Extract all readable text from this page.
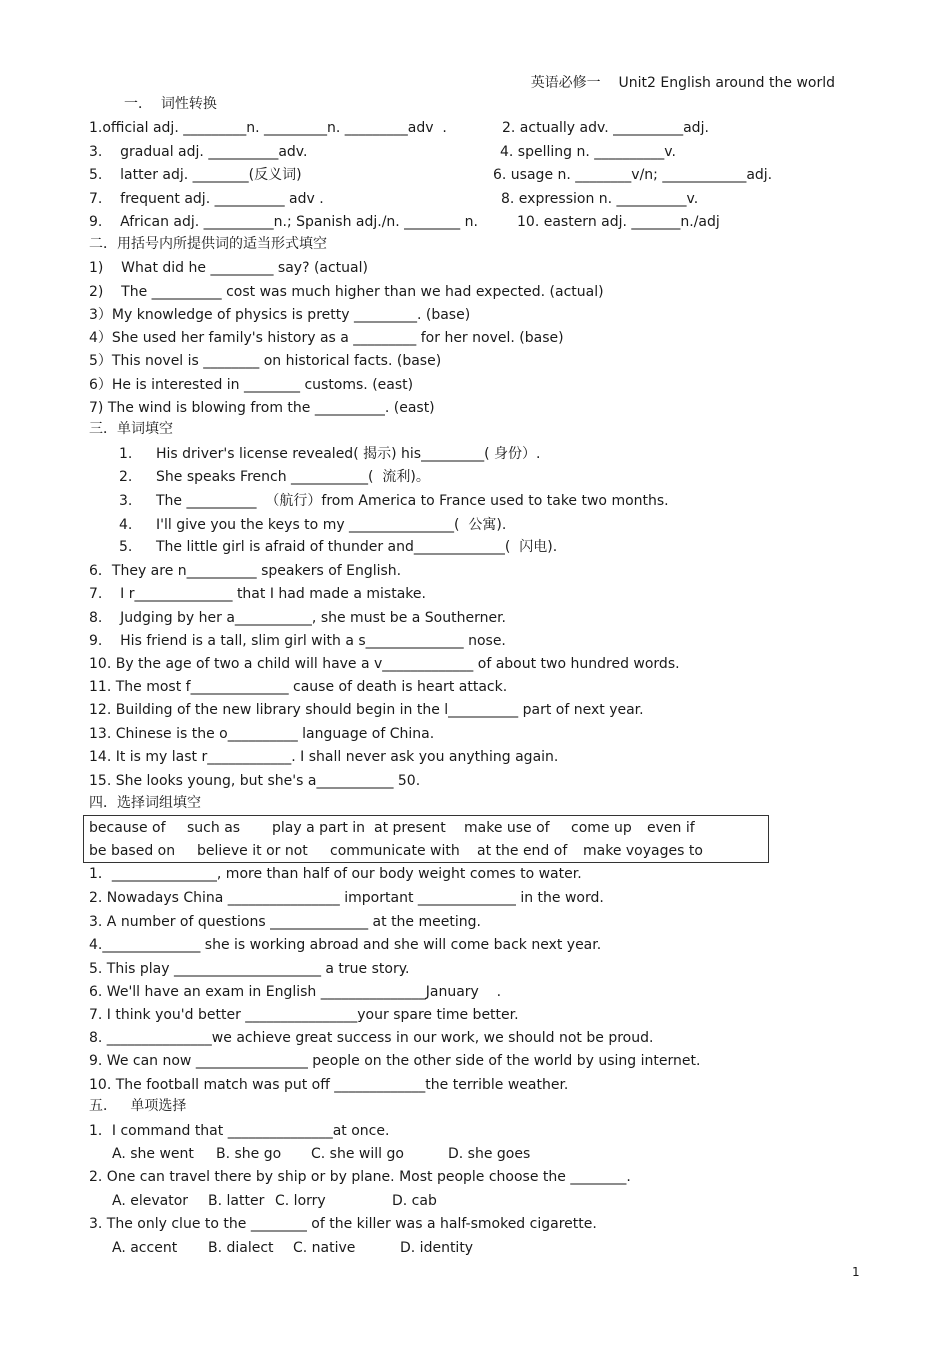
英语必修一    Unit2 English around the world
一．  词性转换
1.official adj. _________n. _________n. _________adv  .	2. actually adv. __________adj.
3.    gradual adj. __________adv.	4. spelling n. __________v.
5.    latter adj. ________(反义词)	6. usage n. ________v/n; ____________adj.
7.    frequent adj. __________ adv .	8. expression n. __________v.
9.    African adj. __________n.; Spanish adj./n. ________ n.	10. eastern adj. _______n./adj
二．用括号内所提供词的适当形式填空
1)    What did he _________ say? (actual)
2)    The __________ cost was much higher than we had expected. (actual)
3）My knowledge of physics is pretty _________. (base)
4）She used her family's history as a _________ for her novel. (base)
5）This novel is ________ on historical facts. (base)
6）He is interested in ________ customs. (east)
7) The wind is blowing from the __________. (east)
三．单词填空
1. His driver's license revealed( 揭示) his_________( 身份）.
2. She speaks French ___________(  流利)。
3. The __________  （航行）from America to France used to take two months.
4. I'll give you the keys to my _______________(  公寓).
5. The little girl is afraid of thunder and_____________(  闪电).
6．They are n__________ speakers of English.
7.    I r______________ that I had made a mistake.
8.    Judging by her a___________, she must be a Southerner.
9.    His friend is a tall, slim girl with a s______________ nose.
10. By the age of two a child will have a v_____________ of about two hundred words.
11. The most f______________ cause of death is heart attack.
12. Building of the new library should begin in the l__________ part of next year.
13. Chinese is the o__________ language of China.
14. It is my last r____________. I shall never ask you anything again.
15. She looks young, but she's a___________ 50.
四．选择词组填空
because of such as play a part in at present make use of come up even if
be based on believe it or not communicate with at the end of make voyages to
1．_______________, more than half of our body weight comes to water.
2. Nowadays China ________________ important ______________ in the word.
3. A number of questions ______________ at the meeting.
4.______________ she is working abroad and she will come back next year.
5. This play _____________________ a true story.
6. We'll have an exam in English _______________January    .
7. I think you'd better ________________your spare time better.
8. _______________we achieve great success in our work, we should not be proud.
9. We can now ________________ people on the other side of the world by using internet.
10. The football match was put off _____________the terrible weather.
五．   单项选择
1．I command that _______________at once.
A. she went B. she go C. she will go	D. she goes
2. One can travel there by ship or by plane. Most people choose the ________.
A. elevator B. latter C. lorry	D. cab
3. The only clue to the ________ of the killer was a half-smoked cigarette.
A. accent B. dialect C. native	D. identity
1
